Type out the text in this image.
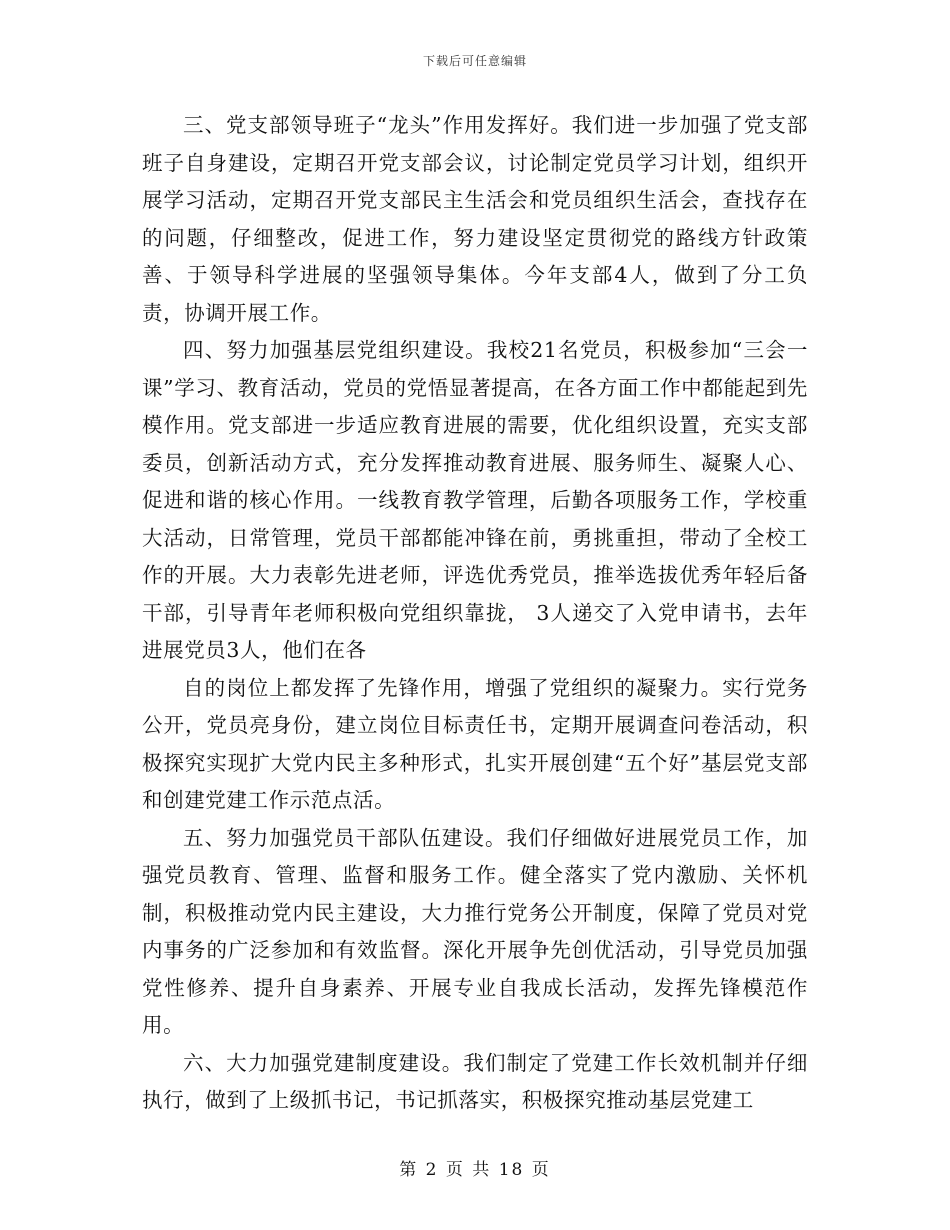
下载后可任意编辑

三、党支部领导班子“龙头”作用发挥好。我们进一步加强了党支部班子自身建设，定期召开党支部会议，讨论制定党员学习计划，组织开展学习活动，定期召开党支部民主生活会和党员组织生活会，查找存在的问题，仔细整改，促进工作，努力建设坚定贯彻党的路线方针政策善、于领导科学进展的坚强领导集体。今年支部4人，做到了分工负责，协调开展工作。

四、努力加强基层党组织建设。我校21名党员，积极参加“三会一课”学习、教育活动，党员的党悟显著提高，在各方面工作中都能起到先模作用。党支部进一步适应教育进展的需要，优化组织设置，充实支部委员，创新活动方式，充分发挥推动教育进展、服务师生、凝聚人心、促进和谐的核心作用。一线教育教学管理，后勤各项服务工作，学校重大活动，日常管理，党员干部都能冲锋在前，勇挑重担，带动了全校工作的开展。大力表彰先进老师，评选优秀党员，推举选拔优秀年轻后备干部，引导青年老师积极向党组织靠拢， 3人递交了入党申请书，去年进展党员3人，他们在各

自的岗位上都发挥了先锋作用，增强了党组织的凝聚力。实行党务公开，党员亮身份，建立岗位目标责任书，定期开展调查问卷活动，积极探究实现扩大党内民主多种形式，扎实开展创建“五个好”基层党支部和创建党建工作示范点活。

五、努力加强党员干部队伍建设。我们仔细做好进展党员工作，加强党员教育、管理、监督和服务工作。健全落实了党内激励、关怀机制，积极推动党内民主建设，大力推行党务公开制度，保障了党员对党内事务的广泛参加和有效监督。深化开展争先创优活动，引导党员加强党性修养、提升自身素养、开展专业自我成长活动，发挥先锋模范作用。

六、大力加强党建制度建设。我们制定了党建工作长效机制并仔细执行，做到了上级抓书记，书记抓落实，积极探究推动基层党建工

第 2 页 共 18 页
